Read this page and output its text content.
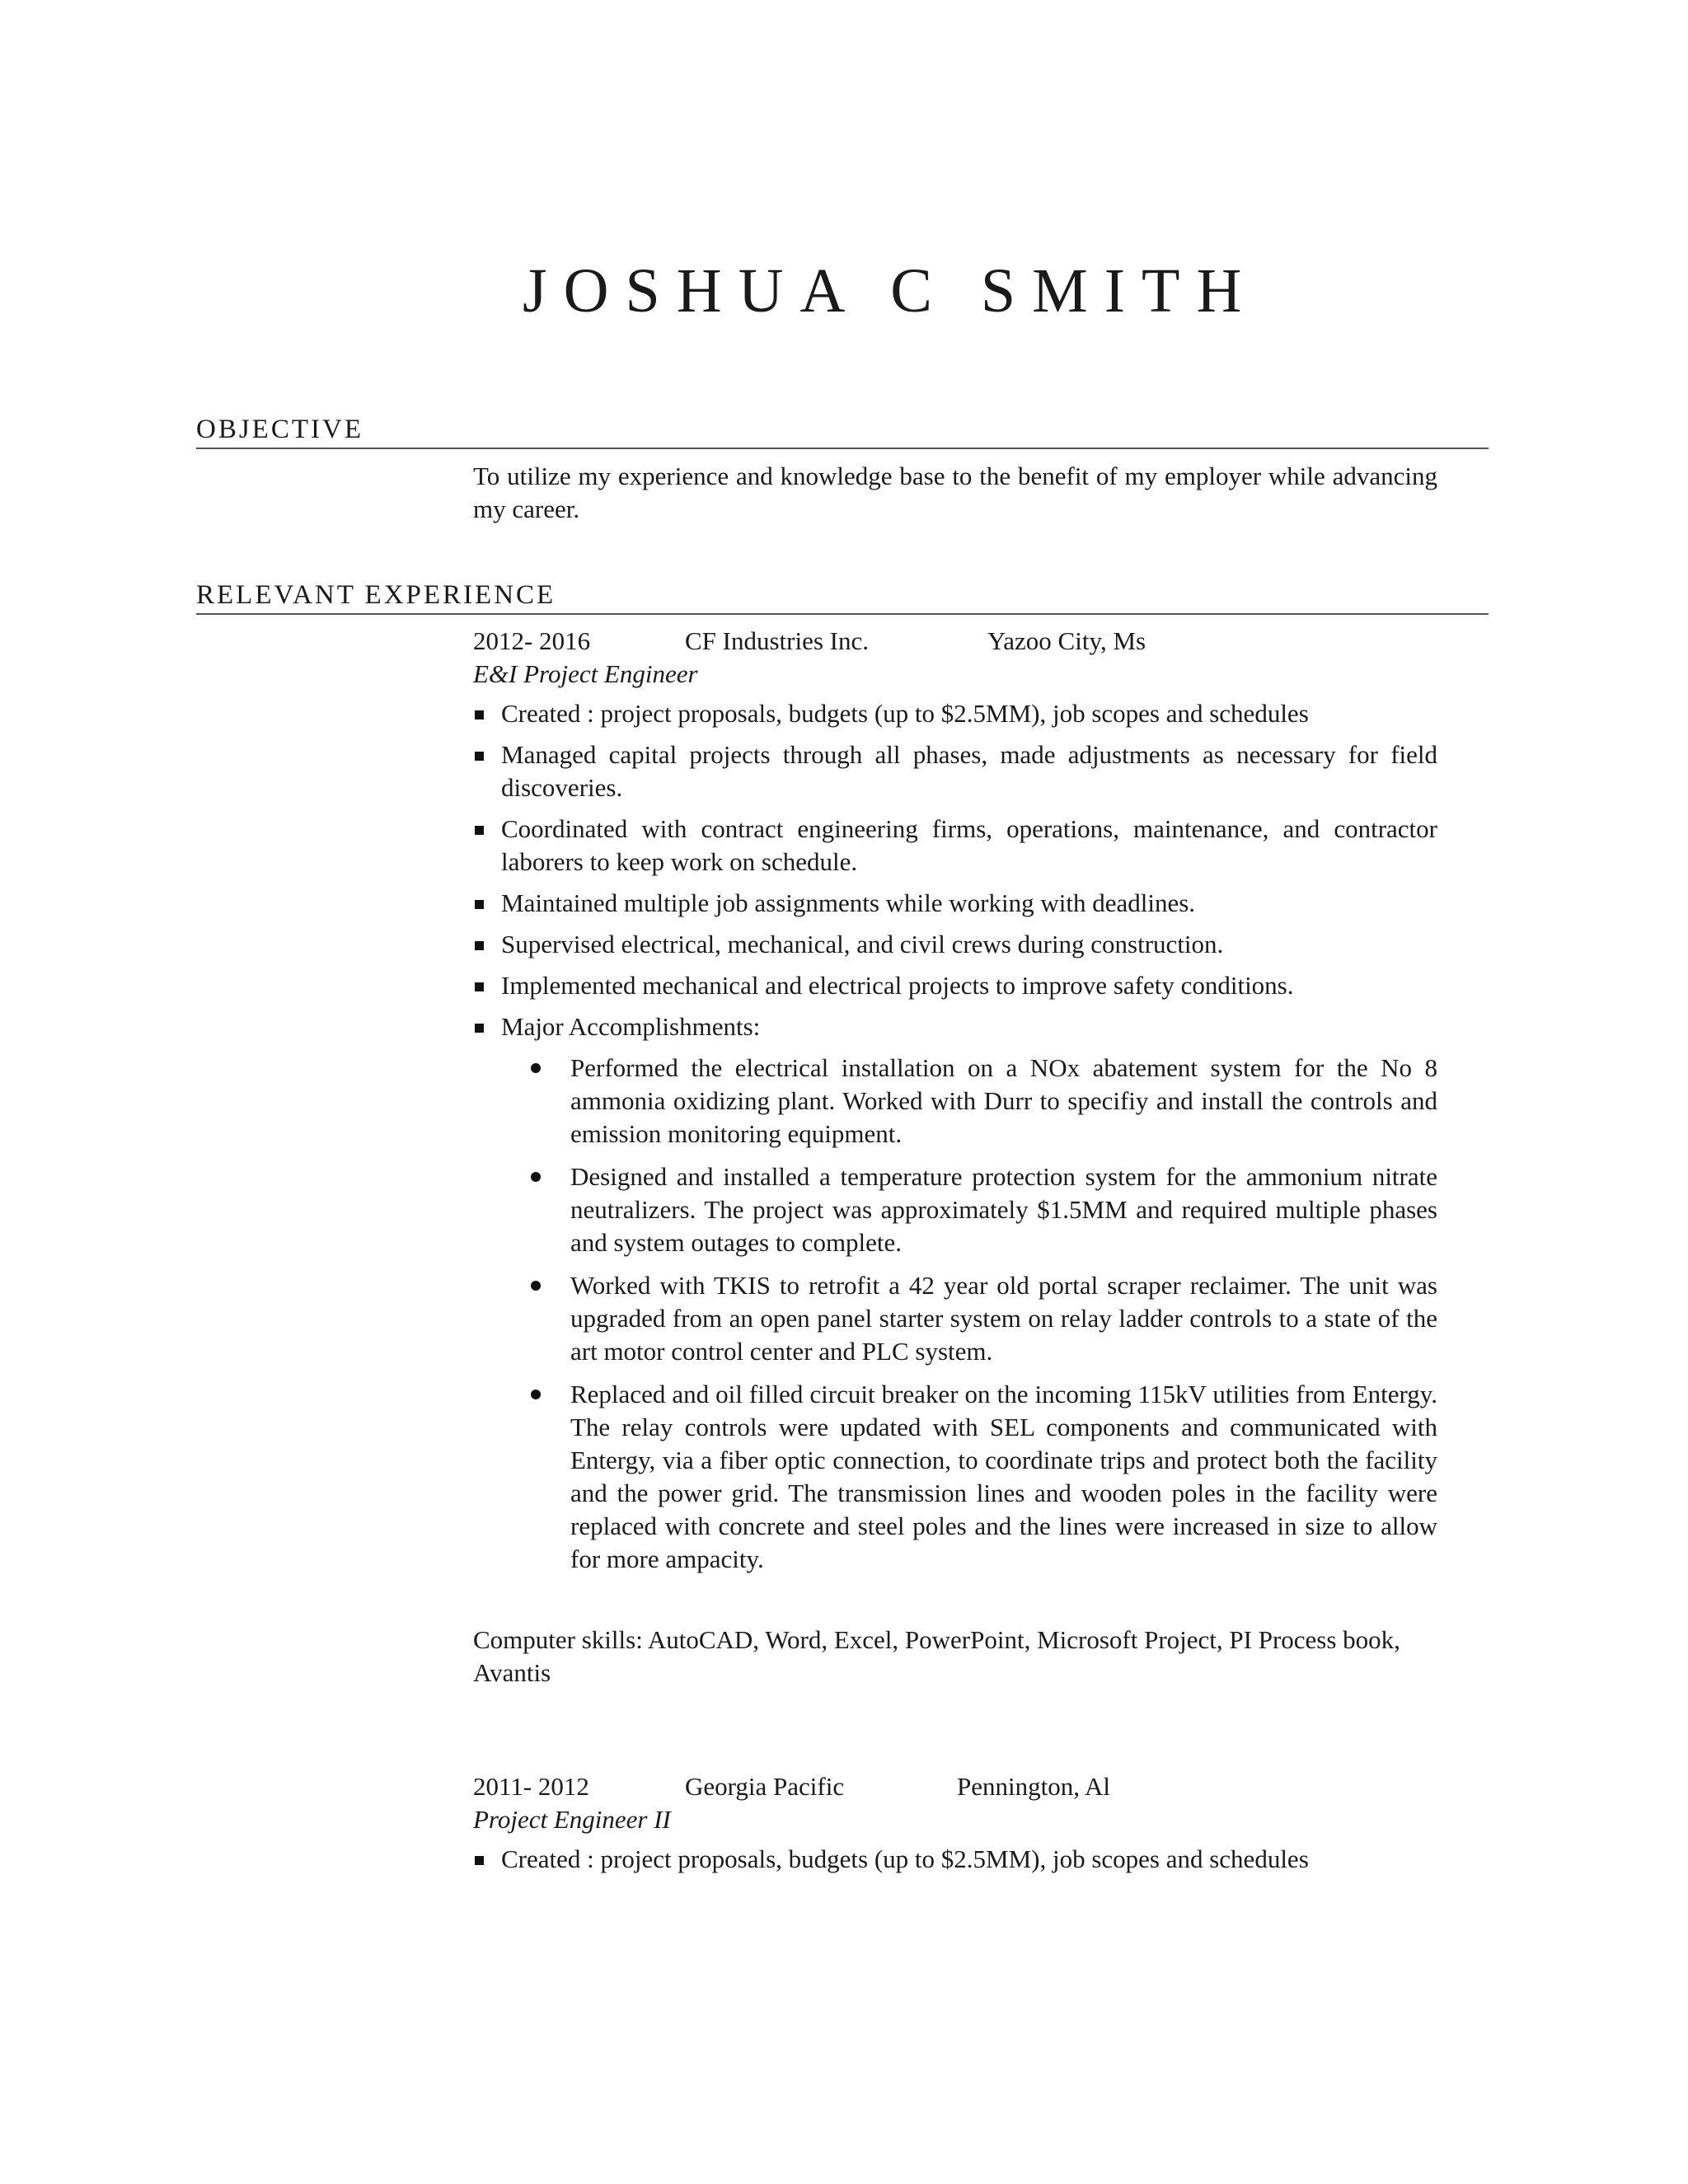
JOSHUA C SMITH
OBJECTIVE
To utilize my experience and knowledge base to the benefit of my employer while advancing my career.
RELEVANT EXPERIENCE
2012- 2016	CF Industries Inc.	Yazoo City, Ms
E&I Project Engineer
Created : project proposals, budgets (up to $2.5MM), job scopes and schedules
Managed capital projects through all phases, made adjustments as necessary for field discoveries.
Coordinated with contract engineering firms, operations, maintenance, and contractor laborers to keep work on schedule.
Maintained multiple job assignments while working with deadlines.
Supervised electrical, mechanical, and civil crews during construction.
Implemented mechanical and electrical projects to improve safety conditions.
Major Accomplishments:
Performed the electrical installation on a NOx abatement system for the No 8 ammonia oxidizing plant. Worked with Durr to specifiy and install the controls and emission monitoring equipment.
Designed and installed a temperature protection system for the ammonium nitrate neutralizers. The project was approximately $1.5MM and required multiple phases and system outages to complete.
Worked with TKIS to retrofit a 42 year old portal scraper reclaimer. The unit was upgraded from an open panel starter system on relay ladder controls to a state of the art motor control center and PLC system.
Replaced and oil filled circuit breaker on the incoming 115kV utilities from Entergy. The relay controls were updated with SEL components and communicated with Entergy, via a fiber optic connection, to coordinate trips and protect both the facility and the power grid. The transmission lines and wooden poles in the facility were replaced with concrete and steel poles and the lines were increased in size to allow for more ampacity.
Computer skills: AutoCAD, Word, Excel, PowerPoint, Microsoft Project, PI Process book, Avantis
2011- 2012	Georgia Pacific	Pennington, Al
Project Engineer II
Created : project proposals, budgets (up to $2.5MM), job scopes and schedules
